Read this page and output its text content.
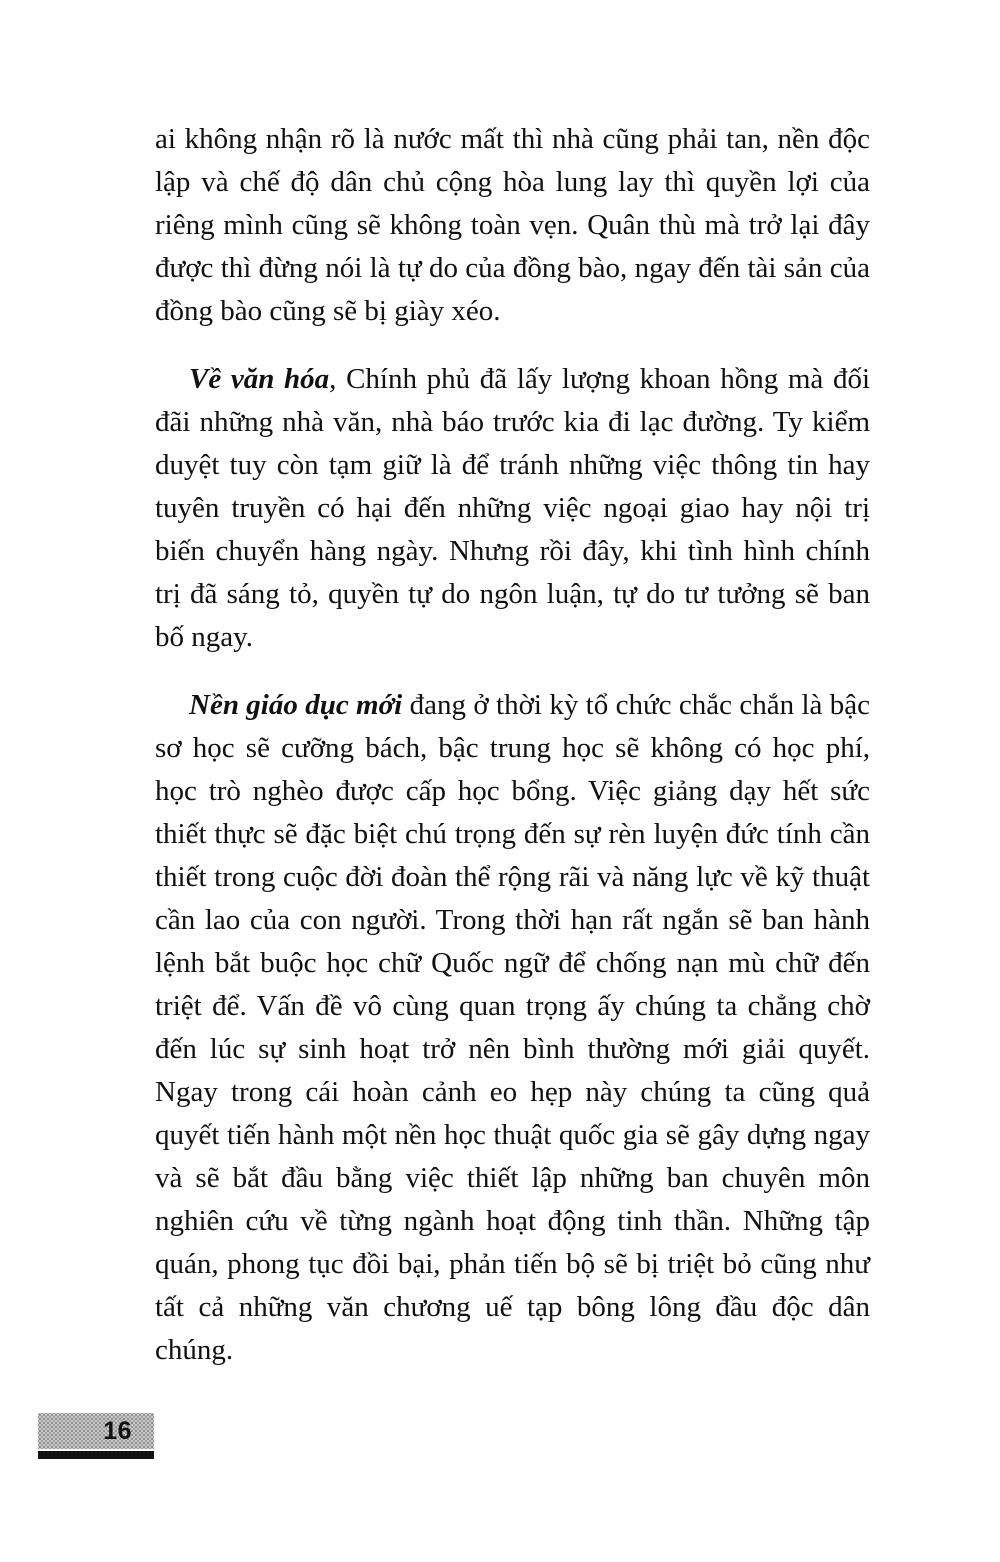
ai không nhận rõ là nước mất thì nhà cũng phải tan, nền độc lập và chế độ dân chủ cộng hòa lung lay thì quyền lợi của riêng mình cũng sẽ không toàn vẹn. Quân thù mà trở lại đây được thì đừng nói là tự do của đồng bào, ngay đến tài sản của đồng bào cũng sẽ bị giày xéo.

Về văn hóa, Chính phủ đã lấy lượng khoan hồng mà đối đãi những nhà văn, nhà báo trước kia đi lạc đường. Ty kiểm duyệt tuy còn tạm giữ là để tránh những việc thông tin hay tuyên truyền có hại đến những việc ngoại giao hay nội trị biến chuyển hàng ngày. Nhưng rồi đây, khi tình hình chính trị đã sáng tỏ, quyền tự do ngôn luận, tự do tư tưởng sẽ ban bố ngay.

Nền giáo dục mới đang ở thời kỳ tổ chức chắc chắn là bậc sơ học sẽ cưỡng bách, bậc trung học sẽ không có học phí, học trò nghèo được cấp học bổng. Việc giảng dạy hết sức thiết thực sẽ đặc biệt chú trọng đến sự rèn luyện đức tính cần thiết trong cuộc đời đoàn thể rộng rãi và năng lực về kỹ thuật cần lao của con người. Trong thời hạn rất ngắn sẽ ban hành lệnh bắt buộc học chữ Quốc ngữ để chống nạn mù chữ đến triệt để. Vấn đề vô cùng quan trọng ấy chúng ta chẳng chờ đến lúc sự sinh hoạt trở nên bình thường mới giải quyết. Ngay trong cái hoàn cảnh eo hẹp này chúng ta cũng quả quyết tiến hành một nền học thuật quốc gia sẽ gây dựng ngay và sẽ bắt đầu bằng việc thiết lập những ban chuyên môn nghiên cứu về từng ngành hoạt động tinh thần. Những tập quán, phong tục đồi bại, phản tiến bộ sẽ bị triệt bỏ cũng như tất cả những văn chương uế tạp bông lông đầu độc dân chúng.

16
